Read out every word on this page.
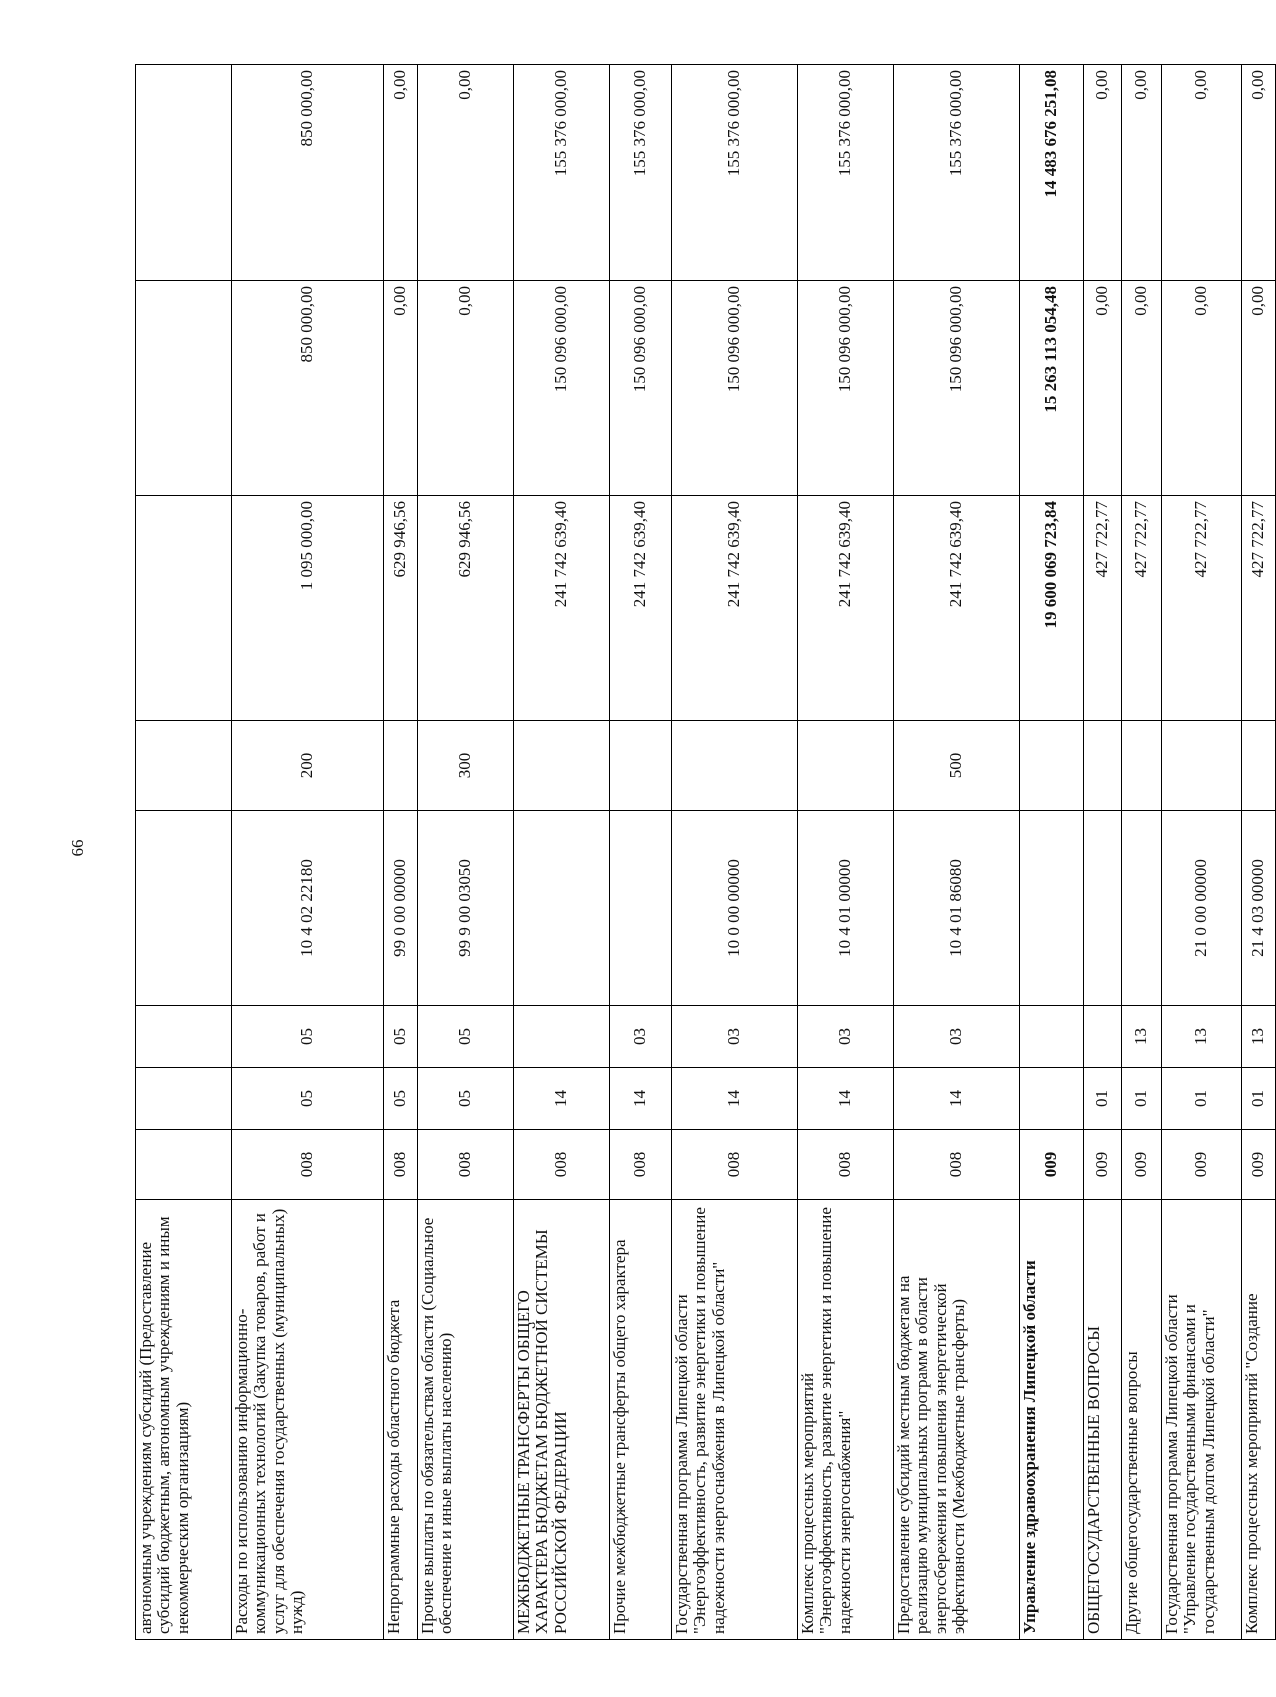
66
автономным учреждениям субсидий (Предоставление субсидий бюджетным, автономным учреждениям и иным некоммерческим организациям)								
Расходы по использованию информационно-коммуникационных технологий (Закупка товаров, работ и услуг для обеспечения государственных (муниципальных) нужд)	008	05	05	10 4 02 22180	200	1 095 000,00	850 000,00	850 000,00
Непрограммные расходы областного бюджета	008	05	05	99 0 00 00000		629 946,56	0,00	0,00
Прочие выплаты по обязательствам области (Социальное обеспечение и иные выплаты населению)	008	05	05	99 9 00 03050	300	629 946,56	0,00	0,00
МЕЖБЮДЖЕТНЫЕ ТРАНСФЕРТЫ ОБЩЕГО ХАРАКТЕРА БЮДЖЕТАМ БЮДЖЕТНОЙ СИСТЕМЫ РОССИЙСКОЙ ФЕДЕРАЦИИ	008	14				241 742 639,40	150 096 000,00	155 376 000,00
Прочие межбюджетные трансферты общего характера	008	14	03			241 742 639,40	150 096 000,00	155 376 000,00
Государственная программа Липецкой области "Энергоэффективность, развитие энергетики и повышение надежности энергоснабжения в Липецкой области"	008	14	03	10 0 00 00000		241 742 639,40	150 096 000,00	155 376 000,00
Комплекс процессных мероприятий "Энергоэффективность, развитие энергетики и повышение надежности энергоснабжения"	008	14	03	10 4 01 00000		241 742 639,40	150 096 000,00	155 376 000,00
Предоставление субсидий местным бюджетам на реализацию муниципальных программ в области энергосбережения и повышения энергетической эффективности (Межбюджетные трансферты)	008	14	03	10 4 01 86080	500	241 742 639,40	150 096 000,00	155 376 000,00
Управление здравоохранения Липецкой области	009					19 600 069 723,84	15 263 113 054,48	14 483 676 251,08
ОБЩЕГОСУДАРСТВЕННЫЕ ВОПРОСЫ	009	01				427 722,77	0,00	0,00
Другие общегосударственные вопросы	009	01	13			427 722,77	0,00	0,00
Государственная программа Липецкой области "Управление государственными финансами и государственным долгом Липецкой области"	009	01	13	21 0 00 00000		427 722,77	0,00	0,00
Комплекс процессных мероприятий "Создание	009	01	13	21 4 03 00000		427 722,77	0,00	0,00
